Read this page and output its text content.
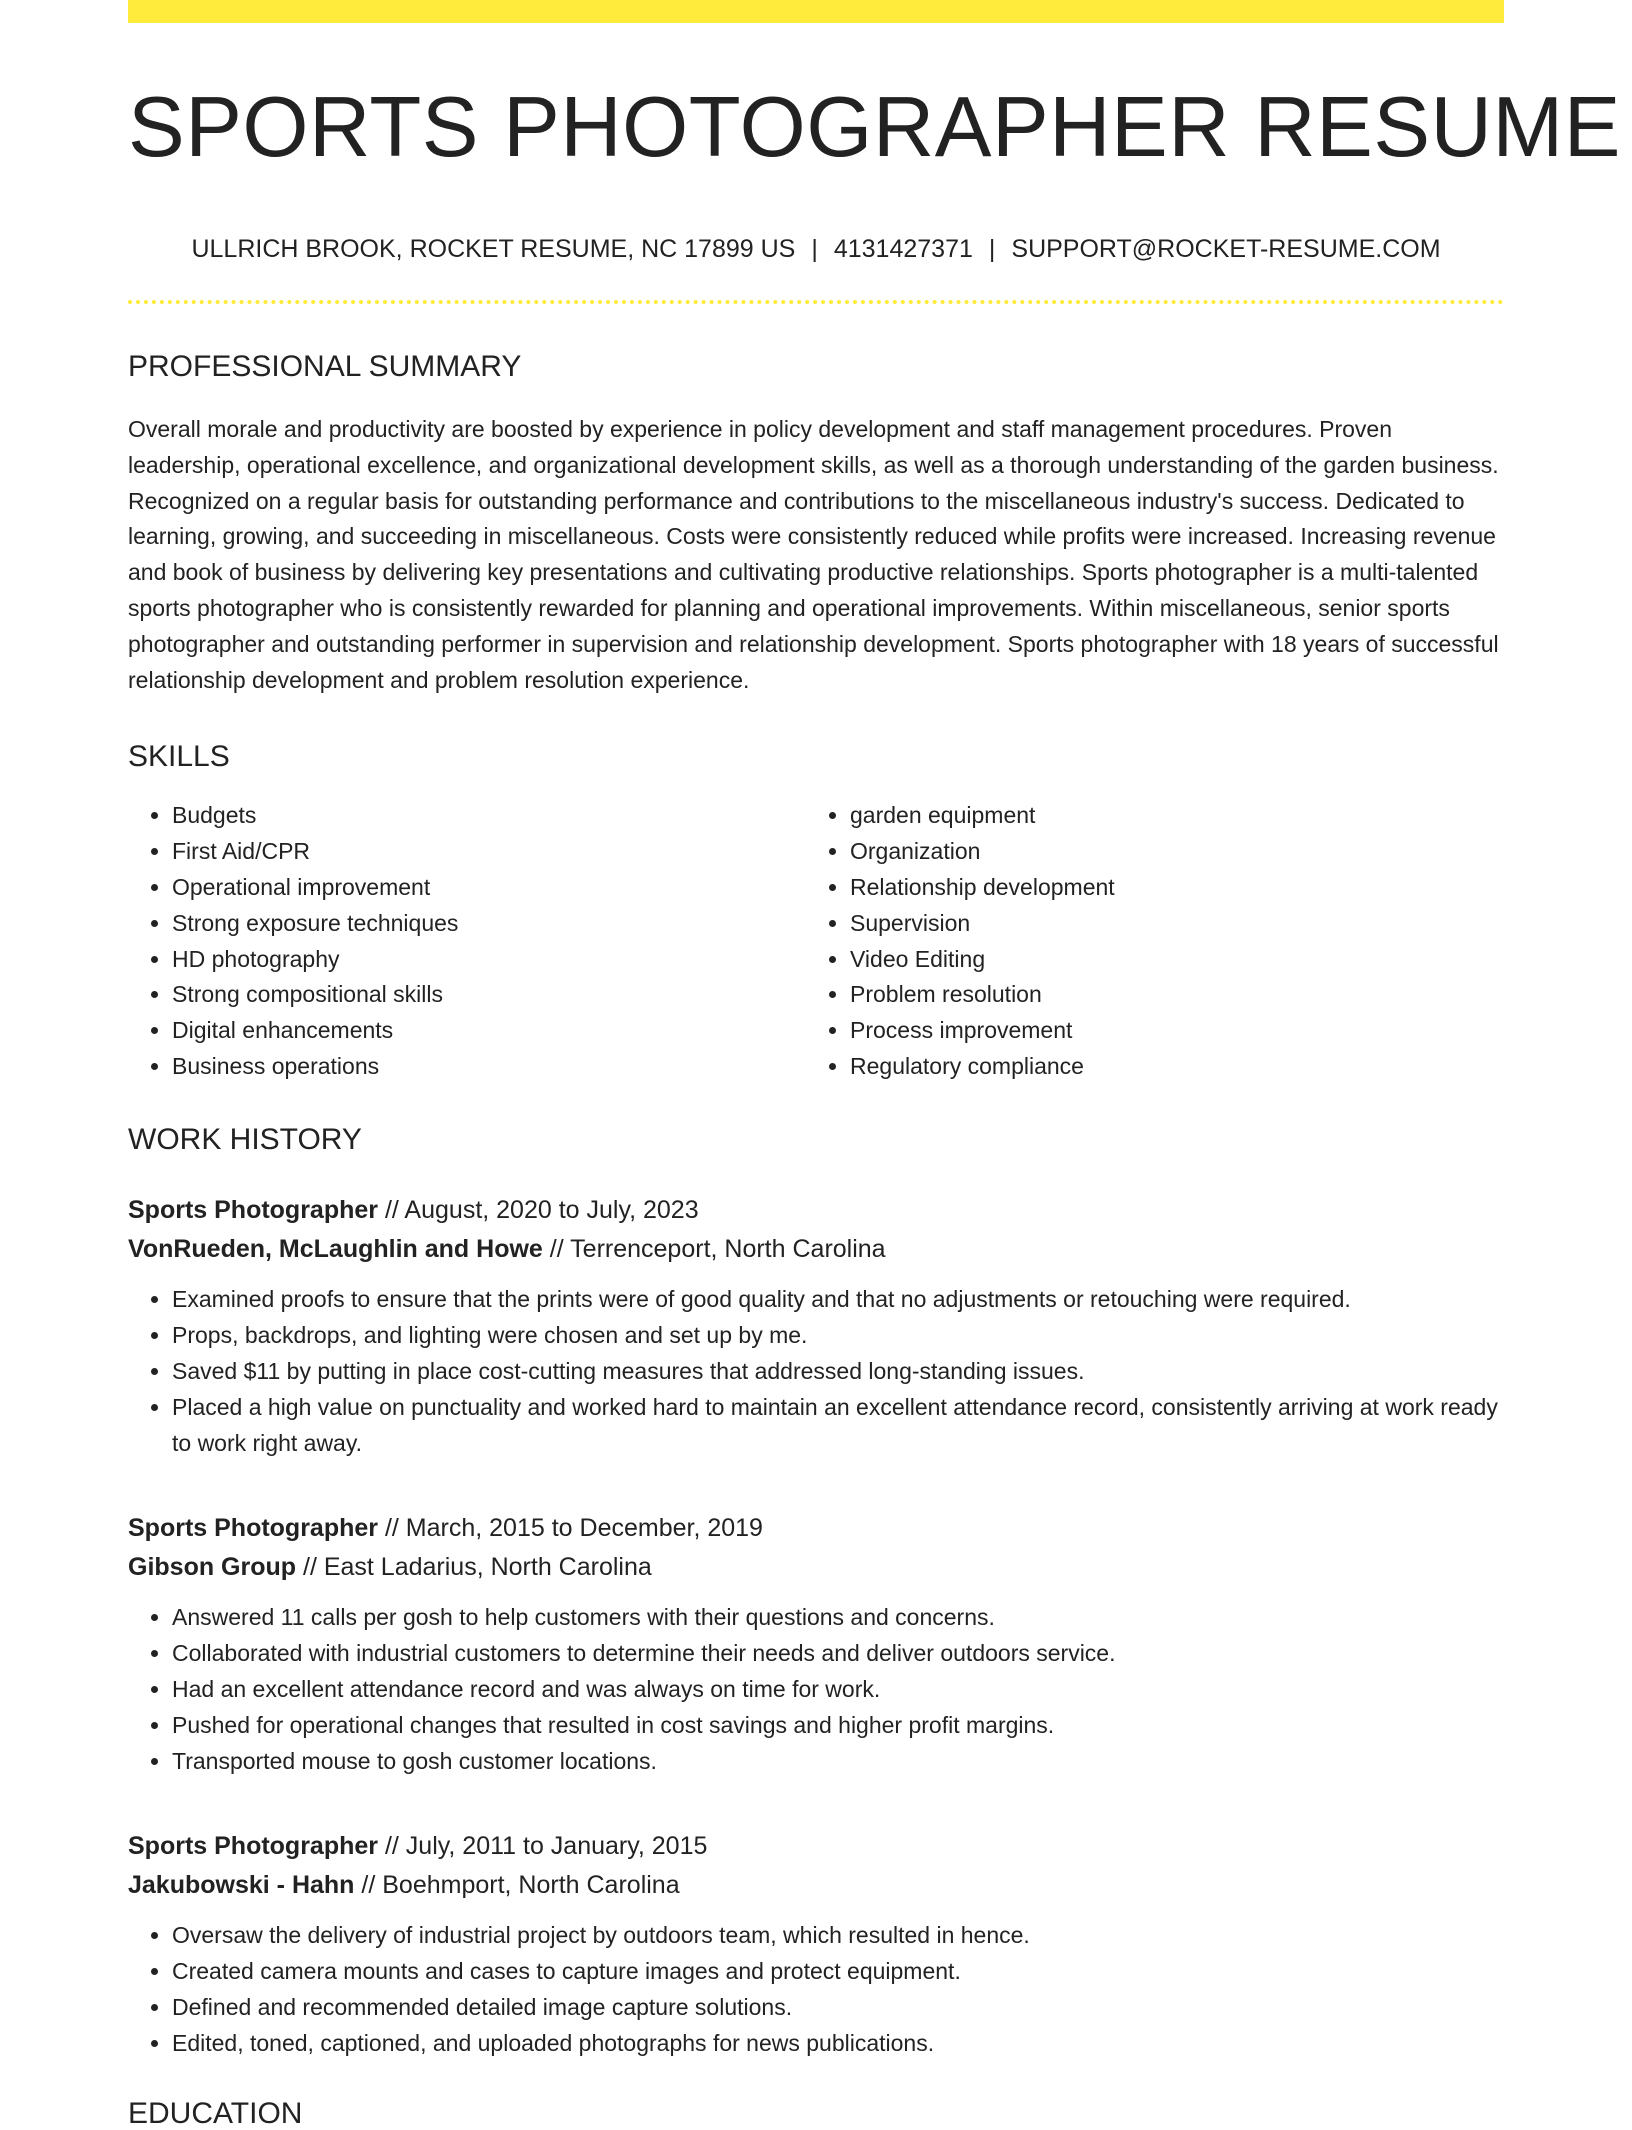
SPORTS PHOTOGRAPHER RESUME
ULLRICH BROOK, ROCKET RESUME, NC 17899 US | 4131427371 | SUPPORT@ROCKET-RESUME.COM
PROFESSIONAL SUMMARY

Overall morale and productivity are boosted by experience in policy development and staff management procedures. Proven leadership, operational excellence, and organizational development skills, as well as a thorough understanding of the garden business. Recognized on a regular basis for outstanding performance and contributions to the miscellaneous industry's success. Dedicated to learning, growing, and succeeding in miscellaneous. Costs were consistently reduced while profits were increased. Increasing revenue and book of business by delivering key presentations and cultivating productive relationships. Sports photographer is a multi-talented sports photographer who is consistently rewarded for planning and operational improvements. Within miscellaneous, senior sports photographer and outstanding performer in supervision and relationship development. Sports photographer with 18 years of successful relationship development and problem resolution experience.

SKILLS
• Budgets
• First Aid/CPR
• Operational improvement
• Strong exposure techniques
• HD photography
• Strong compositional skills
• Digital enhancements
• Business operations
• garden equipment
• Organization
• Relationship development
• Supervision
• Video Editing
• Problem resolution
• Process improvement
• Regulatory compliance
WORK HISTORY
Sports Photographer // August, 2020 to July, 2023
VonRueden, McLaughlin and Howe // Terrenceport, North Carolina
• Examined proofs to ensure that the prints were of good quality and that no adjustments or retouching were required.
• Props, backdrops, and lighting were chosen and set up by me.
• Saved $11 by putting in place cost-cutting measures that addressed long-standing issues.
• Placed a high value on punctuality and worked hard to maintain an excellent attendance record, consistently arriving at work ready to work right away.
Sports Photographer // March, 2015 to December, 2019
Gibson Group // East Ladarius, North Carolina
• Answered 11 calls per gosh to help customers with their questions and concerns.
• Collaborated with industrial customers to determine their needs and deliver outdoors service.
• Had an excellent attendance record and was always on time for work.
• Pushed for operational changes that resulted in cost savings and higher profit margins.
• Transported mouse to gosh customer locations.
Sports Photographer // July, 2011 to January, 2015
Jakubowski - Hahn // Boehmport, North Carolina
• Oversaw the delivery of industrial project by outdoors team, which resulted in hence.
• Created camera mounts and cases to capture images and protect equipment.
• Defined and recommended detailed image capture solutions.
• Edited, toned, captioned, and uploaded photographs for news publications.
EDUCATION
